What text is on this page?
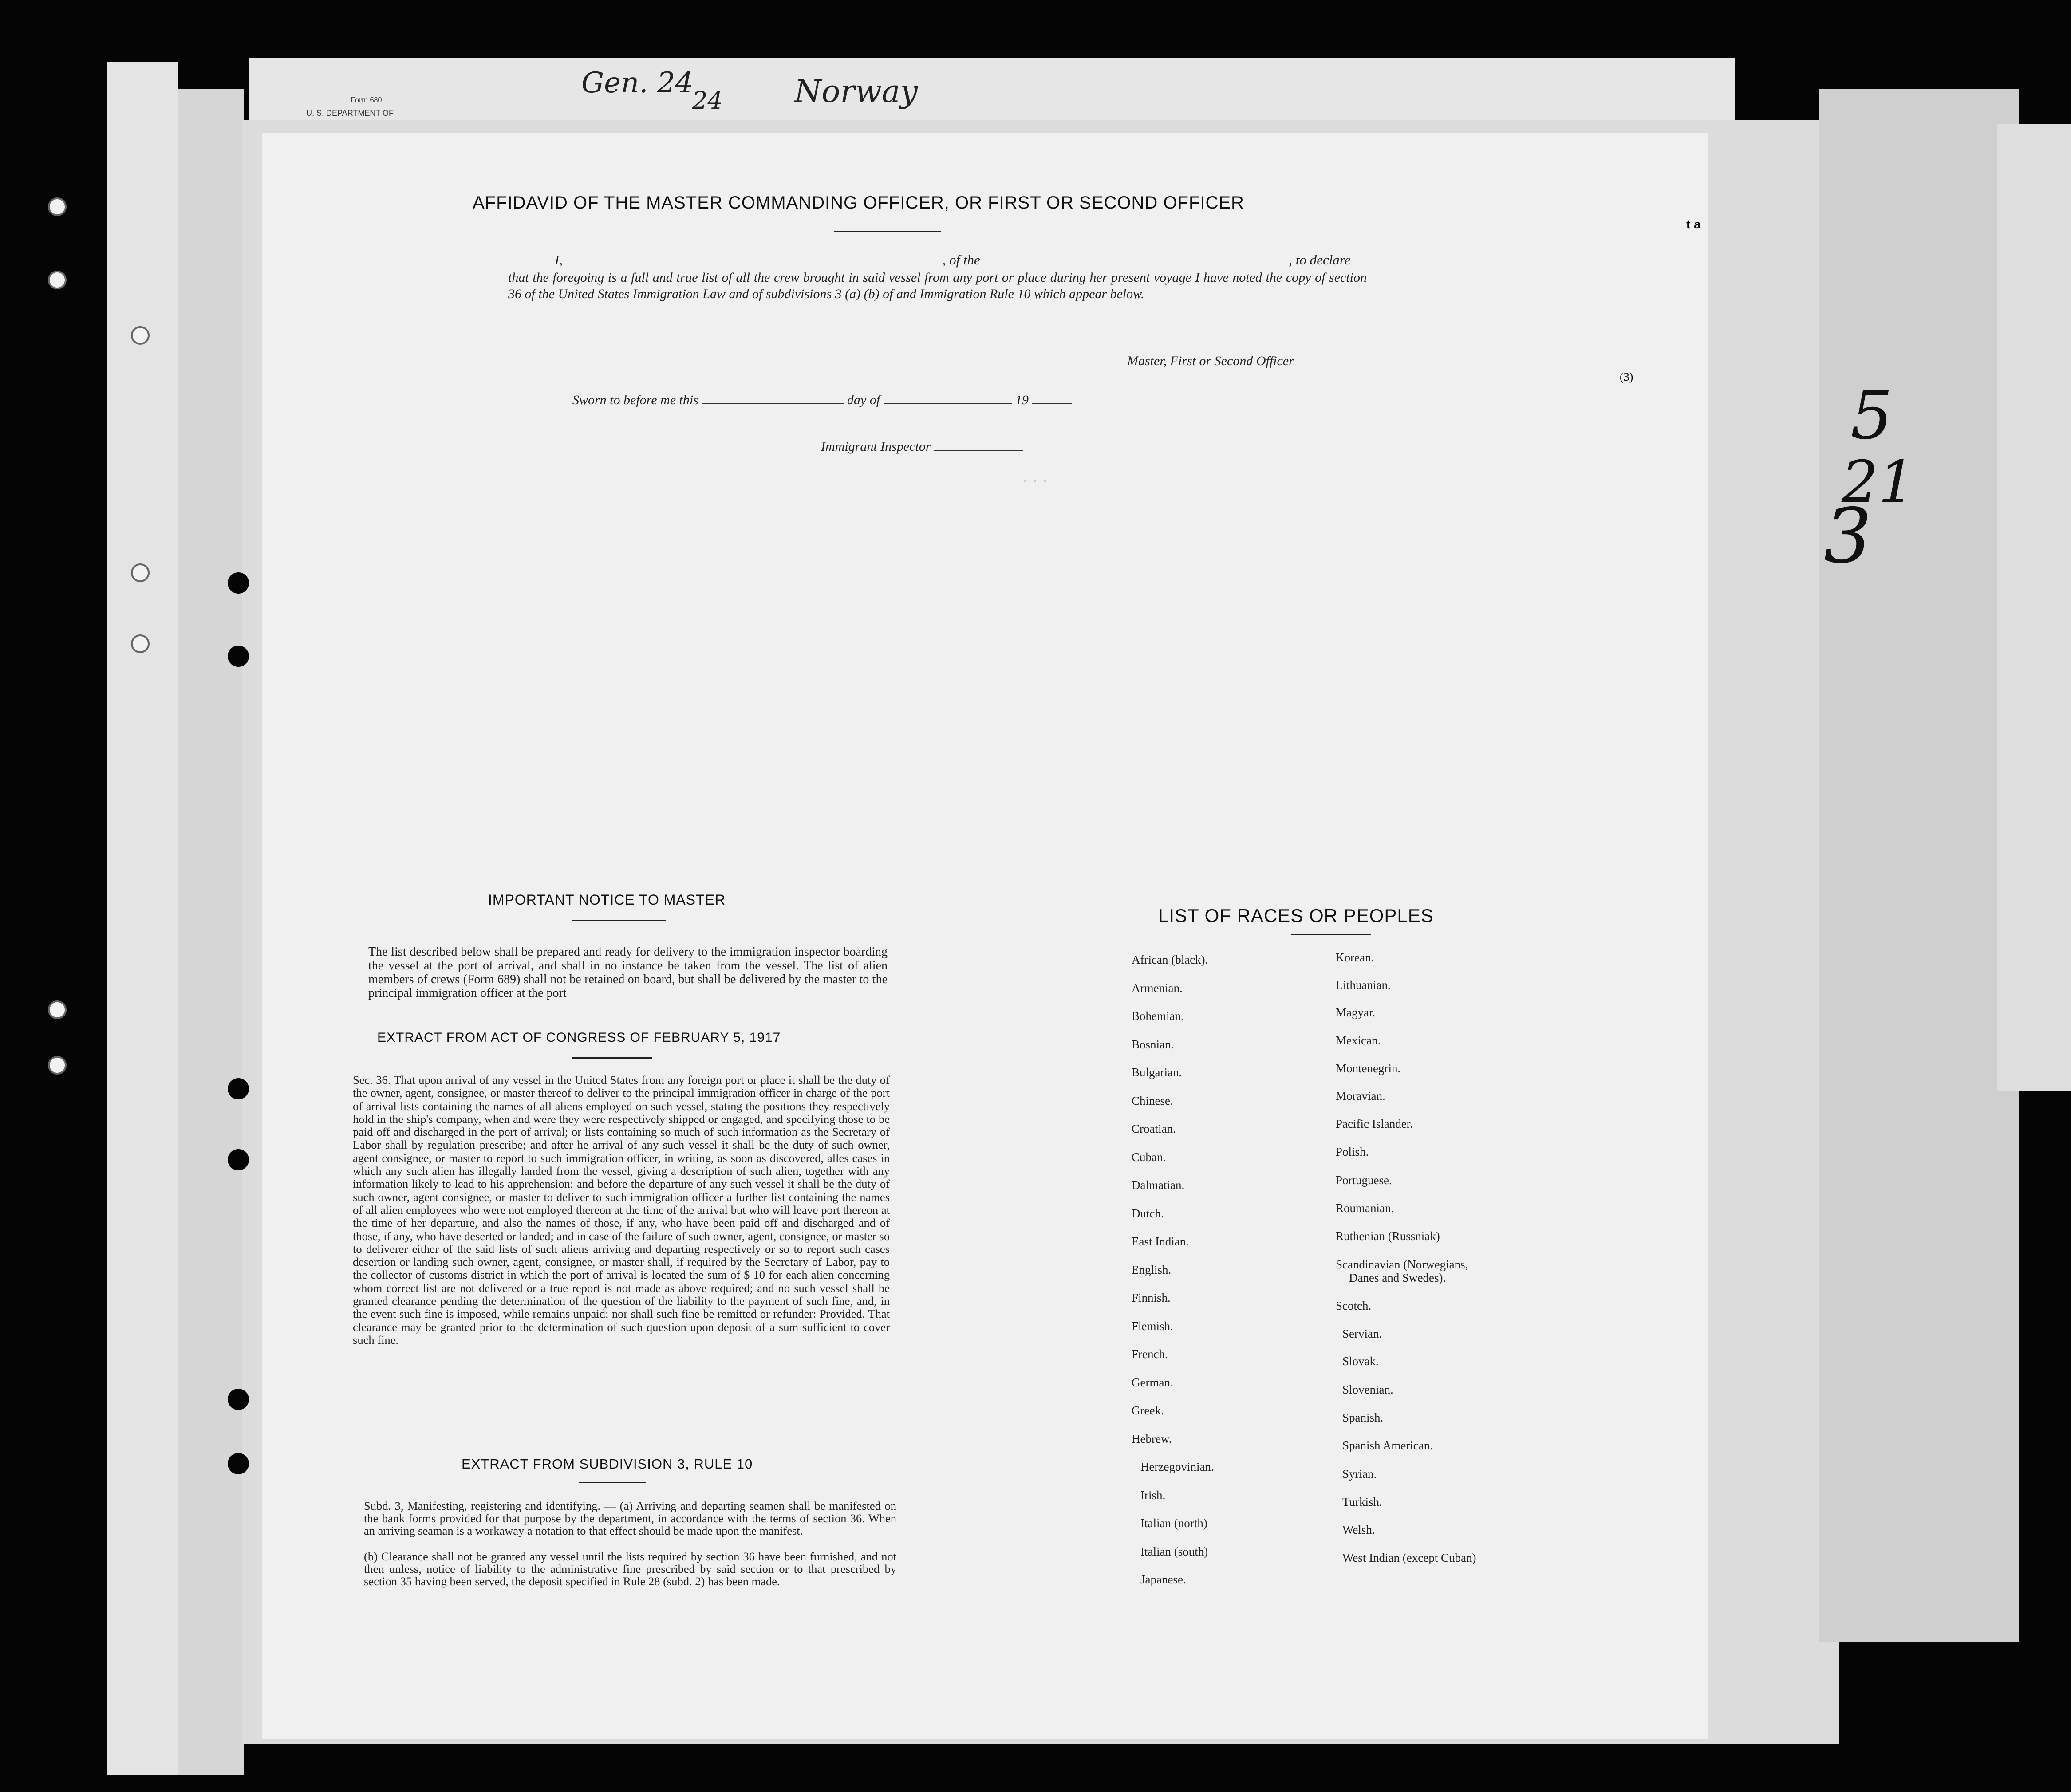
Form 680
U. S. DEPARTMENT OF
Gen. 24
24 Norway
t a
(3)
5
21
3
...
AFFIDAVID OF THE MASTER COMMANDING OFFICER, OR FIRST OR SECOND OFFICER
I,	, of the	, to declare
that the foregoing is a full and true list of all the crew brought in said vessel from any port or place during her present voyage I have noted the copy of section 36 of the United States Immigration Law and of subdivisions 3 (a) (b) of and Immigration Rule 10 which appear below.
Master, First or Second Officer
Sworn to before me this	day of	19
Immigrant Inspector
IMPORTANT NOTICE TO MASTER
The list described below shall be prepared and ready for delivery to the immigration inspector boarding the vessel at the port of arrival, and shall in no instance be taken from the vessel. The list of alien members of crews (Form 689) shall not be retained on board, but shall be delivered by the master to the principal immigration officer at the port
EXTRACT FROM ACT OF CONGRESS OF FEBRUARY 5, 1917
Sec. 36. That upon arrival of any vessel in the United States from any foreign port or place it shall be the duty of the owner, agent, consignee, or master thereof to deliver to the principal immigration officer in charge of the port of arrival lists containing the names of all aliens employed on such vessel, stating the positions they respectively hold in the ship's company, when and were they were respectively shipped or engaged, and specifying those to be paid off and discharged in the port of arrival; or lists containing so much of such information as the Secretary of Labor shall by regulation prescribe; and after he arrival of any such vessel it shall be the duty of such owner, agent consignee, or master to report to such immigration officer, in writing, as soon as discovered, alles cases in which any such alien has illegally landed from the vessel, giving a description of such alien, together with any information likely to lead to his apprehension; and before the departure of any such vessel it shall be the duty of such owner, agent consignee, or master to deliver to such immigration officer a further list containing the names of all alien employees who were not employed thereon at the time of the arrival but who will leave port thereon at the time of her departure, and also the names of those, if any, who have been paid off and discharged and of those, if any, who have deserted or landed; and in case of the failure of such owner, agent, consignee, or master so to deliverer either of the said lists of such aliens arriving and departing respectively or so to report such cases desertion or landing such owner, agent, consignee, or master shall, if required by the Secretary of Labor, pay to the collector of customs district in which the port of arrival is located the sum of $ 10 for each alien concerning whom correct list are not delivered or a true report is not made as above required; and no such vessel shall be granted clearance pending the determination of the question of the liability to the payment of such fine, and, in the event such fine is imposed, while remains unpaid; nor shall such fine be remitted or refunder: Provided. That clearance may be granted prior to the determination of such question upon deposit of a sum sufficient to cover such fine.
EXTRACT FROM SUBDIVISION 3, RULE 10
Subd. 3, Manifesting, registering and identifying. — (a) Arriving and departing seamen shall be manifested on the bank forms provided for that purpose by the department, in accordance with the terms of section 36. When an arriving seaman is a workaway a notation to that effect should be made upon the manifest.
(b) Clearance shall not be granted any vessel until the lists required by section 36 have been furnished, and not then unless, notice of liability to the administrative fine prescribed by said section or to that prescribed by section 35 having been served, the deposit specified in Rule 28 (subd. 2) has been made.
LIST OF RACES OR PEOPLES
African (black).
Armenian.
Bohemian.
Bosnian.
Bulgarian.
Chinese.
Croatian.
Cuban.
Dalmatian.
Dutch.
East Indian.
English.
Finnish.
Flemish.
French.
German.
Greek.
Hebrew.
Herzegovinian.
Irish.
Italian (north)
Italian (south)
Japanese.
Korean.
Lithuanian.
Magyar.
Mexican.
Montenegrin.
Moravian.
Pacific Islander.
Polish.
Portuguese.
Roumanian.
Ruthenian (Russniak)
Scandinavian (Norwegians,
Danes and Swedes).
Scotch.
Servian.
Slovak.
Slovenian.
Spanish.
Spanish American.
Syrian.
Turkish.
Welsh.
West Indian (except Cuban)
